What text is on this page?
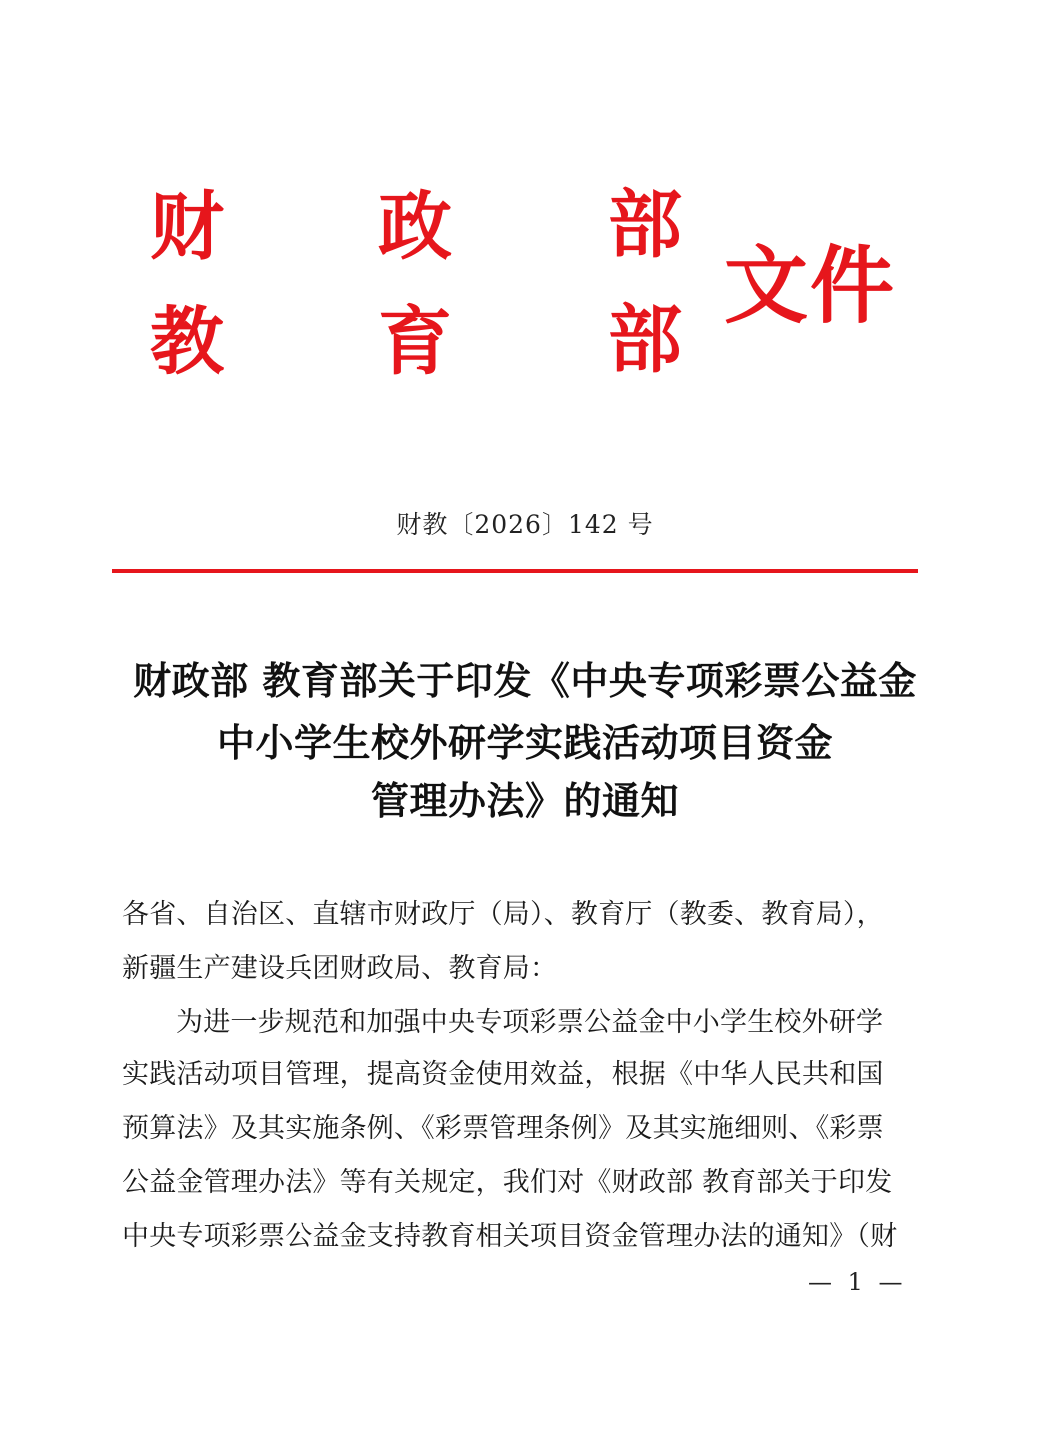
财 政 部
教 育 部
文件
财教〔2026〕142 号
财政部 教育部关于印发《中央专项彩票公益金
中小学生校外研学实践活动项目资金
管理办法》的通知
各省、自治区、直辖市财政厅（局）、教育厅（教委、教育局），
新疆生产建设兵团财政局、教育局：
为进一步规范和加强中央专项彩票公益金中小学生校外研学
实践活动项目管理，提高资金使用效益，根据《中华人民共和国
预算法》及其实施条例、《彩票管理条例》及其实施细则、《彩票
公益金管理办法》等有关规定，我们对《财政部 教育部关于印发
中央专项彩票公益金支持教育相关项目资金管理办法的通知》（财
— 1 —
